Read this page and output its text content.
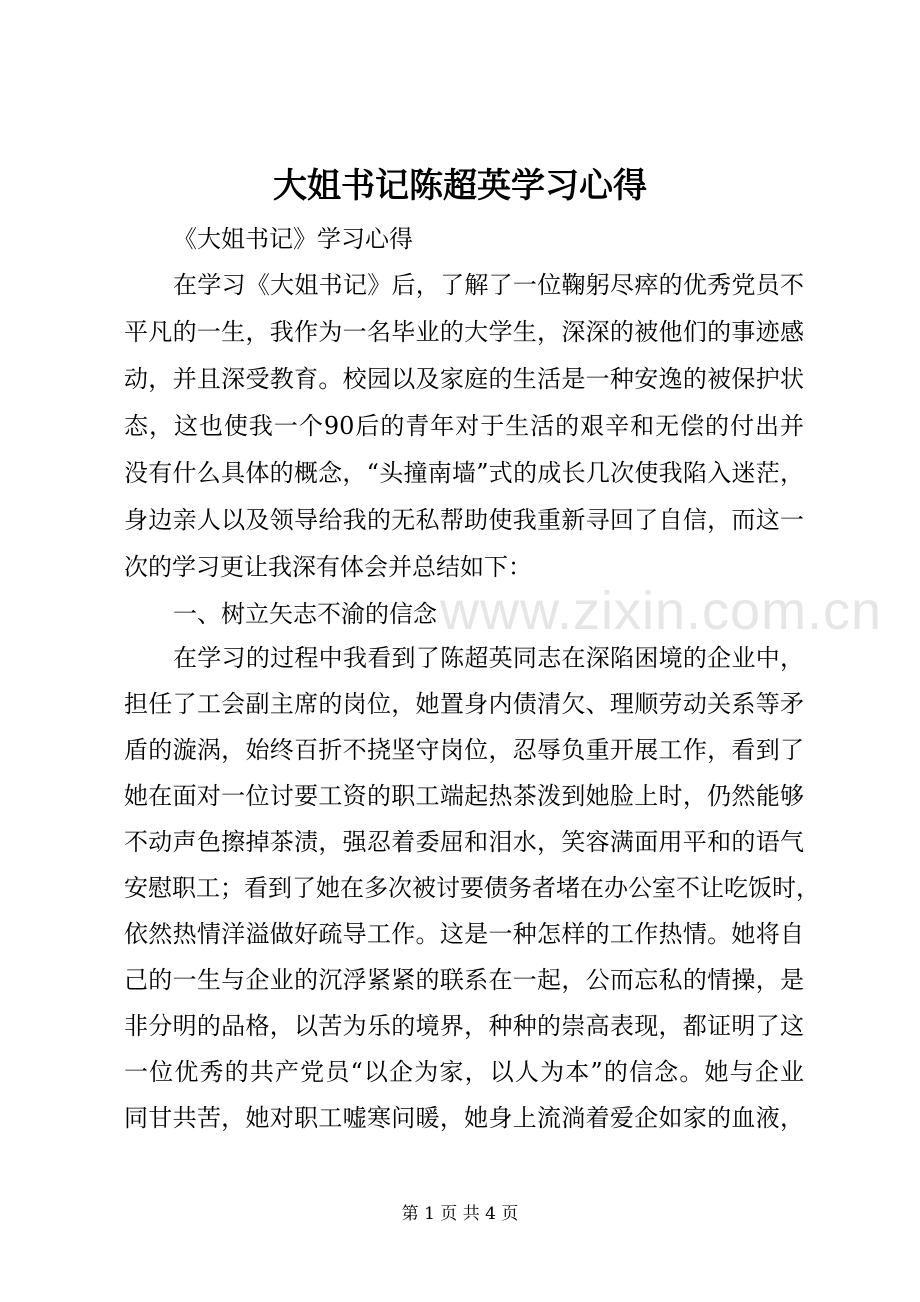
www.zixin.com.cn
大姐书记陈超英学习心得
《大姐书记》学习心得
在学习《大姐书记》后，了解了一位鞠躬尽瘁的优秀党员不
平凡的一生，我作为一名毕业的大学生，深深的被他们的事迹感
动，并且深受教育。校园以及家庭的生活是一种安逸的被保护状
态，这也使我一个90后的青年对于生活的艰辛和无偿的付出并
没有什么具体的概念，“头撞南墙”式的成长几次使我陷入迷茫，
身边亲人以及领导给我的无私帮助使我重新寻回了自信，而这一
次的学习更让我深有体会并总结如下：
一、树立矢志不渝的信念
在学习的过程中我看到了陈超英同志在深陷困境的企业中，
担任了工会副主席的岗位，她置身内债清欠、理顺劳动关系等矛
盾的漩涡，始终百折不挠坚守岗位，忍辱负重开展工作，看到了
她在面对一位讨要工资的职工端起热茶泼到她脸上时，仍然能够
不动声色擦掉茶渍，强忍着委屈和泪水，笑容满面用平和的语气
安慰职工；看到了她在多次被讨要债务者堵在办公室不让吃饭时，
依然热情洋溢做好疏导工作。这是一种怎样的工作热情。她将自
己的一生与企业的沉浮紧紧的联系在一起，公而忘私的情操，是
非分明的品格，以苦为乐的境界，种种的崇高表现，都证明了这
一位优秀的共产党员“以企为家，以人为本”的信念。她与企业
同甘共苦，她对职工嘘寒问暖，她身上流淌着爱企如家的血液，
第 1 页 共 4 页
